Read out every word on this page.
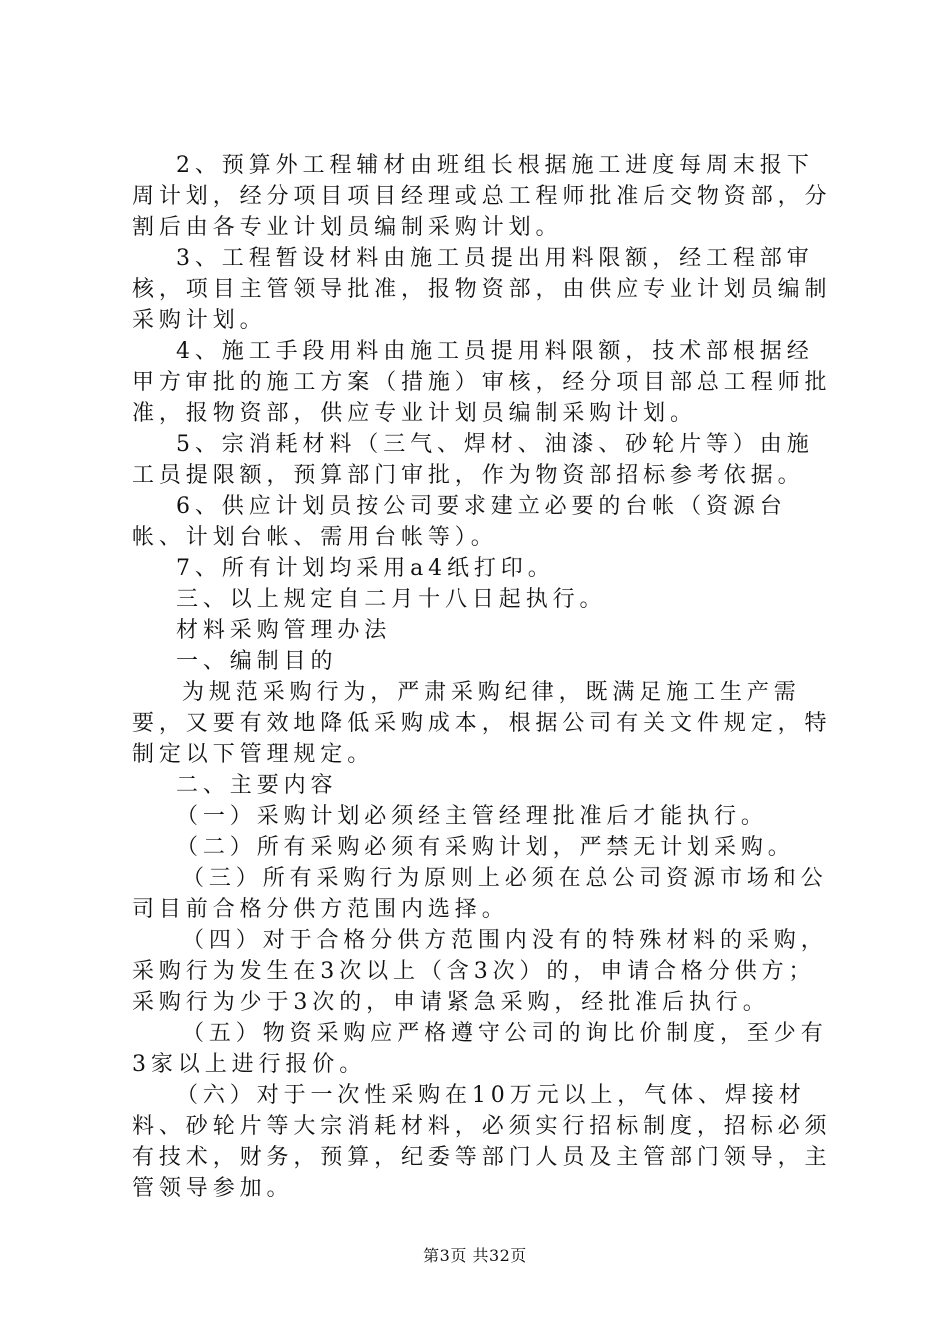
2、预算外工程辅材由班组长根据施工进度每周末报下周计划，经分项目项目经理或总工程师批准后交物资部，分割后由各专业计划员编制采购计划。

3、工程暂设材料由施工员提出用料限额，经工程部审核，项目主管领导批准，报物资部，由供应专业计划员编制采购计划。

4、施工手段用料由施工员提用料限额，技术部根据经甲方审批的施工方案（措施）审核，经分项目部总工程师批准，报物资部，供应专业计划员编制采购计划。

5、宗消耗材料（三气、焊材、油漆、砂轮片等）由施工员提限额，预算部门审批，作为物资部招标参考依据。

6、供应计划员按公司要求建立必要的台帐（资源台帐、计划台帐、需用台帐等）。

7、所有计划均采用a4纸打印。

三、以上规定自二月十八日起执行。

材料采购管理办法

一、编制目的

为规范采购行为，严肃采购纪律，既满足施工生产需要，又要有效地降低采购成本，根据公司有关文件规定，特制定以下管理规定。

二、主要内容

（一）采购计划必须经主管经理批准后才能执行。

（二）所有采购必须有采购计划，严禁无计划采购。

（三）所有采购行为原则上必须在总公司资源市场和公司目前合格分供方范围内选择。

（四）对于合格分供方范围内没有的特殊材料的采购，采购行为发生在3次以上（含3次）的，申请合格分供方；采购行为少于3次的，申请紧急采购，经批准后执行。

（五）物资采购应严格遵守公司的询比价制度，至少有3家以上进行报价。

（六）对于一次性采购在10万元以上，气体、焊接材料、砂轮片等大宗消耗材料，必须实行招标制度，招标必须有技术，财务，预算，纪委等部门人员及主管部门领导，主管领导参加。

第3页 共32页
